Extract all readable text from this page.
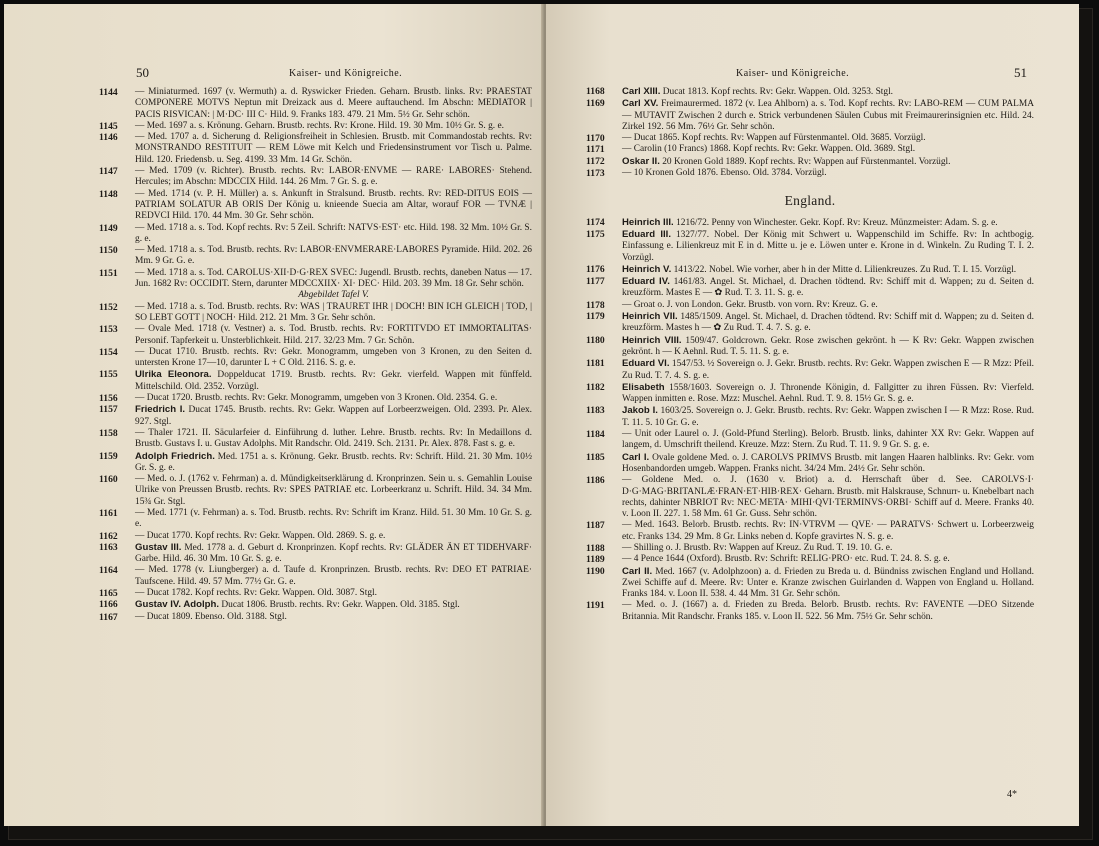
50	Kaiser- und Königreiche.
1144	— Miniaturmed. 1697 (v. Wermuth) a. d. Ryswicker Frieden. Geharn. Brustb. links. Rv: PRAESTAT COMPONERE MOTVS Neptun mit Dreizack aus d. Meere auftauchend. Im Abschn: MEDIATOR | PACIS RISVICAN: | M·DC· III C· Hild. 9. Franks 183. 479. 21 Mm. 5½ Gr. Sehr schön.
1145	— Med. 1697 a. s. Krönung. Geharn. Brustb. rechts. Rv: Krone. Hild. 19. 30 Mm. 10½ Gr. S. g. e.
1146	— Med. 1707 a. d. Sicherung d. Religionsfreiheit in Schlesien. Brustb. mit Commandostab rechts. Rv: MONSTRANDO RESTITUIT — REM Löwe mit Kelch und Friedensinstrument vor Tisch u. Palme. Hild. 120. Friedensb. u. Seg. 4199. 33 Mm. 14 Gr. Schön.
1147	— Med. 1709 (v. Richter). Brustb. rechts. Rv: LABOR·ENVME — RARE· LABORES· Stehend. Hercules; im Abschn: MDCCIX Hild. 144. 26 Mm. 7 Gr. S. g. e.
1148	— Med. 1714 (v. P. H. Müller) a. s. Ankunft in Stralsund. Brustb. rechts. Rv: RED-DITUS EOIS — PATRIAM SOLATUR AB ORIS Der König u. knieende Suecia am Altar, worauf FOR — TVNÆ | REDVCI Hild. 170. 44 Mm. 30 Gr. Sehr schön.
1149	— Med. 1718 a. s. Tod. Kopf rechts. Rv: 5 Zeil. Schrift: NATVS·EST· etc. Hild. 198. 32 Mm. 10½ Gr. S. g. e.
1150	— Med. 1718 a. s. Tod. Brustb. rechts. Rv: LABOR·ENVMERARE·LABORES Pyramide. Hild. 202. 26 Mm. 9 Gr. G. e.
1151	— Med. 1718 a. s. Tod. CAROLUS·XII·D·G·REX SVEC: Jugendl. Brustb. rechts, daneben Natus — 17. Jun. 1682 Rv: OCCIDIT. Stern, darunter MDCCXIIX· XI· DEC· Hild. 203. 39 Mm. 18 Gr. Sehr schön.
Abgebildet Tafel V.
1152	— Med. 1718 a. s. Tod. Brustb. rechts. Rv: WAS | TRAURET IHR | DOCH! BIN ICH GLEICH | TOD, | SO LEBT GOTT | NOCH· Hild. 212. 21 Mm. 3 Gr. Sehr schön.
1153	— Ovale Med. 1718 (v. Vestner) a. s. Tod. Brustb. rechts. Rv: FORTITVDO ET IMMORTALITAS· Personif. Tapferkeit u. Unsterblichkeit. Hild. 217. 32/23 Mm. 7 Gr. Schön.
1154	— Ducat 1710. Brustb. rechts. Rv: Gekr. Monogramm, umgeben von 3 Kronen, zu den Seiten d. untersten Krone 17—10, darunter L + C Old. 2116. S. g. e.
1155	Ulrika Eleonora. Doppelducat 1719. Brustb. rechts. Rv: Gekr. vierfeld. Wappen mit fünffeld. Mittelschild. Old. 2352. Vorzügl.
1156	— Ducat 1720. Brustb. rechts. Rv: Gekr. Monogramm, umgeben von 3 Kronen. Old. 2354. G. e.
1157	Friedrich I. Ducat 1745. Brustb. rechts. Rv: Gekr. Wappen auf Lorbeerzweigen. Old. 2393. Pr. Alex. 927. Stgl.
1158	— Thaler 1721. II. Säcularfeier d. Einführung d. luther. Lehre. Brustb. rechts. Rv: In Medaillons d. Brustb. Gustavs I. u. Gustav Adolphs. Mit Randschr. Old. 2419. Sch. 2131. Pr. Alex. 878. Fast s. g. e.
1159	Adolph Friedrich. Med. 1751 a. s. Krönung. Gekr. Brustb. rechts. Rv: Schrift. Hild. 21. 30 Mm. 10½ Gr. S. g. e.
1160	— Med. o. J. (1762 v. Fehrman) a. d. Mündigkeitserklärung d. Kronprinzen. Sein u. s. Gemahlin Louise Ulrike von Preussen Brustb. rechts. Rv: SPES PATRIAE etc. Lorbeerkranz u. Schrift. Hild. 34. 34 Mm. 15¾ Gr. Stgl.
1161	— Med. 1771 (v. Fehrman) a. s. Tod. Brustb. rechts. Rv: Schrift im Kranz. Hild. 51. 30 Mm. 10 Gr. S. g. e.
1162	— Ducat 1770. Kopf rechts. Rv: Gekr. Wappen. Old. 2869. S. g. e.
1163	Gustav III. Med. 1778 a. d. Geburt d. Kronprinzen. Kopf rechts. Rv: GLÄDER ÄN ET TIDEHVARF· Garbe. Hild. 46. 30 Mm. 10 Gr. S. g. e.
1164	— Med. 1778 (v. Liungberger) a. d. Taufe d. Kronprinzen. Brustb. rechts. Rv: DEO ET PATRIAE· Taufscene. Hild. 49. 57 Mm. 77½ Gr. G. e.
1165	— Ducat 1782. Kopf rechts. Rv: Gekr. Wappen. Old. 3087. Stgl.
1166	Gustav IV. Adolph. Ducat 1806. Brustb. rechts. Rv: Gekr. Wappen. Old. 3185. Stgl.
1167	— Ducat 1809. Ebenso. Old. 3188. Stgl.
Kaiser- und Königreiche.	51
1168	Carl XIII. Ducat 1813. Kopf rechts. Rv: Gekr. Wappen. Old. 3253. Stgl.
1169	Carl XV. Freimaurermed. 1872 (v. Lea Ahlborn) a. s. Tod. Kopf rechts. Rv: LABO-REM — CUM PALMA — MUTAVIT Zwischen 2 durch e. Strick verbundenen Säulen Cubus mit Freimaurerinsignien etc. Hild. 24. Zirkel 192. 56 Mm. 76½ Gr. Sehr schön.
1170	— Ducat 1865. Kopf rechts. Rv: Wappen auf Fürstenmantel. Old. 3685. Vorzügl.
1171	— Carolin (10 Francs) 1868. Kopf rechts. Rv: Gekr. Wappen. Old. 3689. Stgl.
1172	Oskar II. 20 Kronen Gold 1889. Kopf rechts. Rv: Wappen auf Fürstenmantel. Vorzügl.
1173	— 10 Kronen Gold 1876. Ebenso. Old. 3784. Vorzügl.
England.
1174	Heinrich III. 1216/72. Penny von Winchester. Gekr. Kopf. Rv: Kreuz. Münzmeister: Adam. S. g. e.
1175	Eduard III. 1327/77. Nobel. Der König mit Schwert u. Wappenschild im Schiffe. Rv: In achtbogig. Einfassung e. Lilienkreuz mit E in d. Mitte u. je e. Löwen unter e. Krone in d. Winkeln. Zu Ruding T. I. 2. Vorzügl.
1176	Heinrich V. 1413/22. Nobel. Wie vorher, aber h in der Mitte d. Lilienkreuzes. Zu Rud. T. I. 15. Vorzügl.
1177	Eduard IV. 1461/83. Angel. St. Michael, d. Drachen tödtend. Rv: Schiff mit d. Wappen; zu d. Seiten d. kreuzförm. Mastes E — ✿ Rud. T. 3. 11. S. g. e.
1178	— Groat o. J. von London. Gekr. Brustb. von vorn. Rv: Kreuz. G. e.
1179	Heinrich VII. 1485/1509. Angel. St. Michael, d. Drachen tödtend. Rv: Schiff mit d. Wappen; zu d. Seiten d. kreuzförm. Mastes h — ✿ Zu Rud. T. 4. 7. S. g. e.
1180	Heinrich VIII. 1509/47. Goldcrown. Gekr. Rose zwischen gekrönt. h — K Rv: Gekr. Wappen zwischen gekrönt. h — K Aehnl. Rud. T. 5. 11. S. g. e.
1181	Eduard VI. 1547/53. ½ Sovereign o. J. Gekr. Brustb. rechts. Rv: Gekr. Wappen zwischen E — R Mzz: Pfeil. Zu Rud. T. 7. 4. S. g. e.
1182	Elisabeth 1558/1603. Sovereign o. J. Thronende Königin, d. Fallgitter zu ihren Füssen. Rv: Vierfeld. Wappen inmitten e. Rose. Mzz: Muschel. Aehnl. Rud. T. 9. 8. 15½ Gr. S. g. e.
1183	Jakob I. 1603/25. Sovereign o. J. Gekr. Brustb. rechts. Rv: Gekr. Wappen zwischen I — R Mzz: Rose. Rud. T. 11. 5. 10 Gr. G. e.
1184	— Unit oder Laurel o. J. (Gold-Pfund Sterling). Belorb. Brustb. links, dahinter XX Rv: Gekr. Wappen auf langem, d. Umschrift theilend. Kreuze. Mzz: Stern. Zu Rud. T. 11. 9. 9 Gr. S. g. e.
1185	Carl I. Ovale goldene Med. o. J. CAROLVS PRIMVS Brustb. mit langen Haaren halblinks. Rv: Gekr. vom Hosenbandorden umgeb. Wappen. Franks nicht. 34/24 Mm. 24½ Gr. Sehr schön.
1186	— Goldene Med. o. J. (1630 v. Briot) a. d. Herrschaft über d. See. CAROLVS·I· D·G·MAG·BRITANLÆ·FRAN·ET·HIB·REX· Geharn. Brustb. mit Halskrause, Schnurr- u. Knebelbart nach rechts, dahinter NBRIOT Rv: NEC·META· MIHI·QVI·TERMINVS·ORBI· Schiff auf d. Meere. Franks 40. v. Loon II. 227. 1. 58 Mm. 61 Gr. Guss. Sehr schön.
1187	— Med. 1643. Belorb. Brustb. rechts. Rv: IN·VTRVM — QVE· — PARATVS· Schwert u. Lorbeerzweig etc. Franks 134. 29 Mm. 8 Gr. Links neben d. Kopfe gravirtes N. S. g. e.
1188	— Shilling o. J. Brustb. Rv: Wappen auf Kreuz. Zu Rud. T. 19. 10. G. e.
1189	— 4 Pence 1644 (Oxford). Brustb. Rv: Schrift: RELIG·PRO· etc. Rud. T. 24. 8. S. g. e.
1190	Carl II. Med. 1667 (v. Adolphzoon) a. d. Frieden zu Breda u. d. Bündniss zwischen England und Holland. Zwei Schiffe auf d. Meere. Rv: Unter e. Kranze zwischen Guirlanden d. Wappen von England u. Holland. Franks 184. v. Loon II. 538. 4. 44 Mm. 31 Gr. Sehr schön.
1191	— Med. o. J. (1667) a. d. Frieden zu Breda. Belorb. Brustb. rechts. Rv: FAVENTE —DEO Sitzende Britannia. Mit Randschr. Franks 185. v. Loon II. 522. 56 Mm. 75½ Gr. Sehr schön.
4*
